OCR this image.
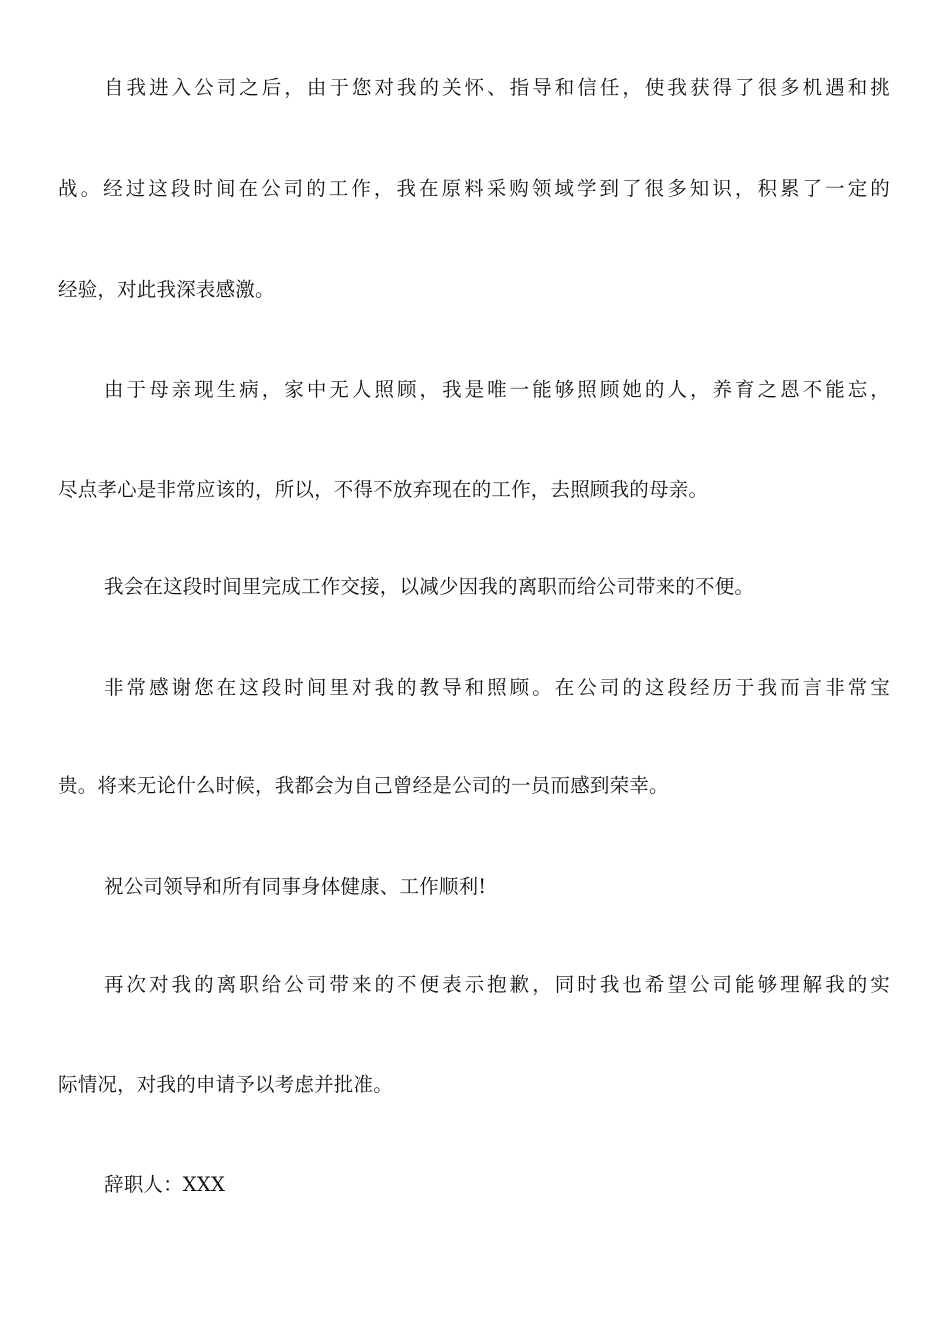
自我进入公司之后，由于您对我的关怀、指导和信任，使我获得了很多机遇和挑
战。经过这段时间在公司的工作，我在原料采购领域学到了很多知识，积累了一定的
经验，对此我深表感激。
由于母亲现生病，家中无人照顾，我是唯一能够照顾她的人，养育之恩不能忘，
尽点孝心是非常应该的，所以，不得不放弃现在的工作，去照顾我的母亲。
我会在这段时间里完成工作交接，以减少因我的离职而给公司带来的不便。
非常感谢您在这段时间里对我的教导和照顾。在公司的这段经历于我而言非常宝
贵。将来无论什么时候，我都会为自己曾经是公司的一员而感到荣幸。
祝公司领导和所有同事身体健康、工作顺利!
再次对我的离职给公司带来的不便表示抱歉，同时我也希望公司能够理解我的实
际情况，对我的申请予以考虑并批准。
辞职人：XXX
